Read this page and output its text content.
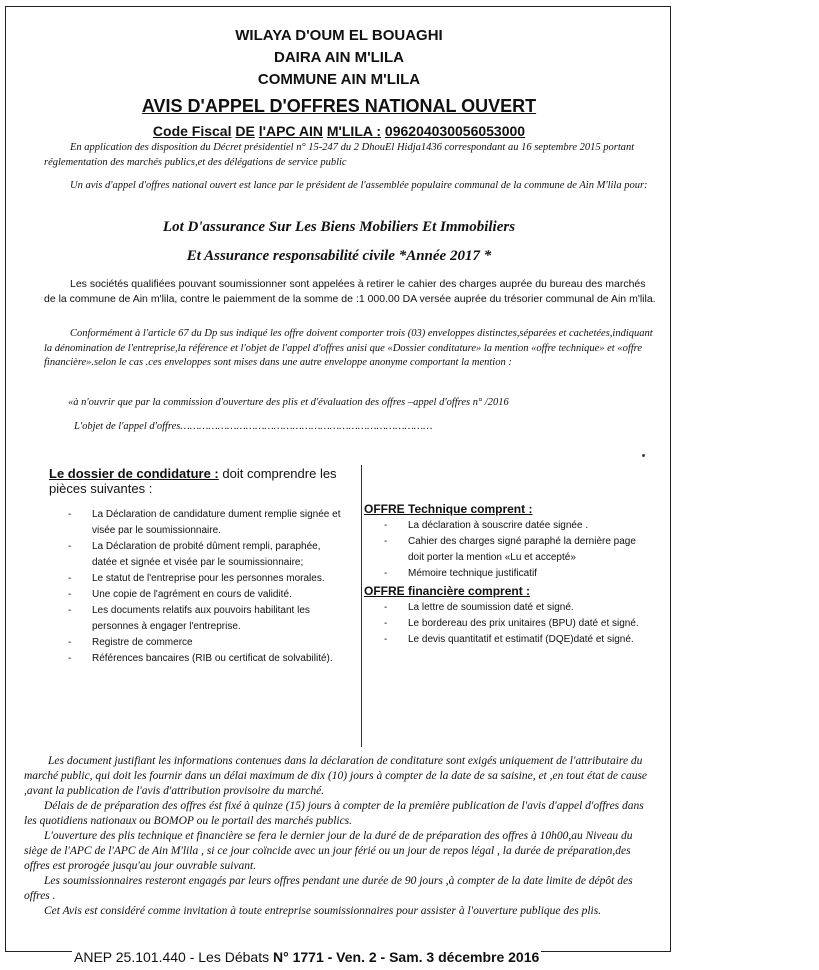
WILAYA D'OUM EL BOUAGHI

DAIRA AIN M'LILA

COMMUNE AIN M'LILA

AVIS D'APPEL D'OFFRES NATIONAL OUVERT

Code Fiscal DE l'APC AIN M'LILA : 096204030056053000

En application des disposition du Décret présidentiel n° 15-247 du 2 DhouEl Hidja1436 correspondant au 16 septembre 2015 portant réglementation des marchés publics,et des délégations de service public

Un avis d'appel d'offres national ouvert est lance par le président de l'assemblée populaire communal de la commune de Ain M'lila pour:

Lot D'assurance Sur Les Biens Mobiliers Et Immobiliers

Et Assurance responsabilité civile *Année 2017 *

Les sociétés qualifiées pouvant soumissionner sont appelées à retirer le cahier des charges auprée du bureau des marchés de la commune de Ain m'lila, contre le paiemment de la somme de :1 000.00 DA versée auprée du trésorier communal de Ain m'lila.

Conformément à l'article 67 du Dp sus indiqué les offre doivent comporter trois (03) enveloppes distinctes,séparées et cachetées,indiquant la dénomination de l'entreprise,la référence et l'objet de l'appel d'offres anisi que «Dossier conditature» la mention «offre technique» et «offre financière».selon le cas .ces enveloppes sont mises dans une autre enveloppe anonyme comportant la mention :

«à n'ouvrir que par la commission d'ouverture des plis et d'évaluation des offres –appel d'offres n° /2016

L'objet de l'appel d'offres………………………………………………………………………

Le dossier de condidature : doit comprendre les pièces suivantes :

- La Déclaration de candidature dument remplie signée et visée par le soumissionnaire.
- La Déclaration de probité dûment rempli, paraphée, datée et signée et visée par le soumissionnaire;
- Le statut de l'entreprise pour les personnes morales.
- Une copie de l'agrément en cours de validité.
- Les documents relatifs aux pouvoirs habilitant les personnes à engager l'entreprise.
- Registre de commerce
- Références bancaires (RIB ou certificat de solvabilité).

OFFRE Technique comprent :

- La déclaration à souscrire datée signée .
- Cahier des charges signé paraphé la dernière page doit porter la mention «Lu et accepté»
- Mémoire technique justificatif

OFFRE financière comprent :

- La lettre de soumission daté et signé.
- Le bordereau des prix unitaires (BPU) daté et signé.
- Le devis quantitatif et estimatif (DQE)daté et signé.

Les document justifiant les informations contenues dans la déclaration de conditature sont exigés uniquement de l'attributaire du marché public, qui doit les fournir dans un délai maximum de dix (10) jours à compter de la date de sa saisine, et ,en tout état de cause ,avant la publication de l'avis d'attribution provisoire du marché.

Délais de de préparation des offres ést fixé à quinze (15) jours à compter de la première publication de l'avis d'appel d'offres dans les quotidiens nationaux ou BOMOP ou le portail des marchés publics.

L'ouverture des plis technique et financière se fera le dernier jour de la duré de de préparation des offres à 10h00,au Niveau du siège de l'APC de l'APC de Ain M'lila , si ce jour coïncide avec un jour férié ou un jour de repos légal , la durée de préparation,des offres est prorogée jusqu'au jour ouvrable suivant.

Les soumissionnaires resteront engagés par leurs offres pendant une durée de 90 jours ,à compter de la date limite de dépôt des offres .

Cet Avis est considéré comme invitation à toute entreprise soumissionnaires pour assister à l'ouverture publique des plis.

ANEP 25.101.440 - Les Débats N° 1771 - Ven. 2 - Sam. 3 décembre 2016
